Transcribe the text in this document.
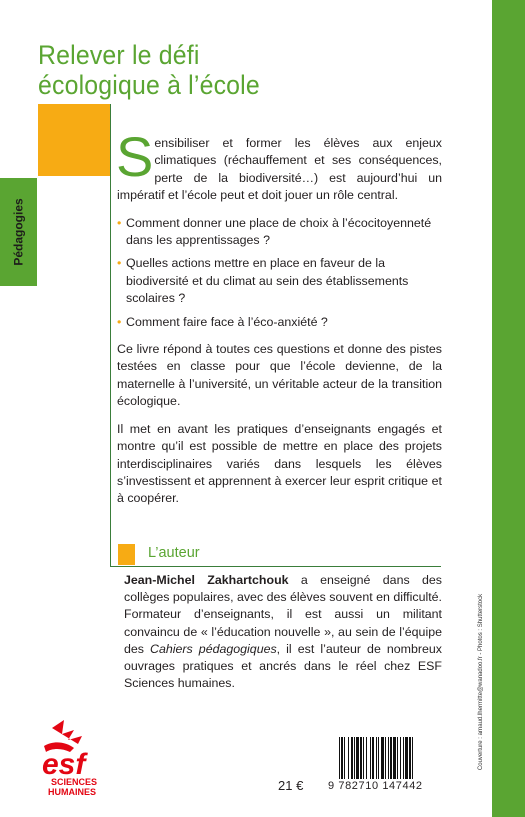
Relever le défi
écologique à l’école
Pédagogies

Sensibiliser et former les élèves aux enjeux climatiques (réchauffement et ses conséquences, perte de la biodiversité…) est aujourd’hui un impératif et l’école peut et doit jouer un rôle central.

• Comment donner une place de choix à l’écocitoyenneté dans les apprentissages ?
• Quelles actions mettre en place en faveur de la biodiversité et du climat au sein des établissements scolaires ?
• Comment faire face à l’éco-anxiété ?

Ce livre répond à toutes ces questions et donne des pistes testées en classe pour que l’école devienne, de la maternelle à l’université, un véritable acteur de la transition écologique.

Il met en avant les pratiques d’enseignants engagés et montre qu’il est possible de mettre en place des projets interdisciplinaires variés dans lesquels les élèves s’investissent et apprennent à exercer leur esprit critique et à coopérer.

L’auteur
Jean-Michel Zakhartchouk a enseigné dans des collèges populaires, avec des élèves souvent en difficulté. Formateur d’enseignants, il est aussi un militant convaincu de « l’éducation nouvelle », au sein de l’équipe des Cahiers pédagogiques, il est l’auteur de nombreux ouvrages pratiques et ancrés dans le réel chez ESF Sciences humaines.	Couverture : arnaud.lhermitte@wanadoo.fr - Photos : Shutterstock
esf
SCIENCES
HUMAINES	21 € 9 782710 147442
